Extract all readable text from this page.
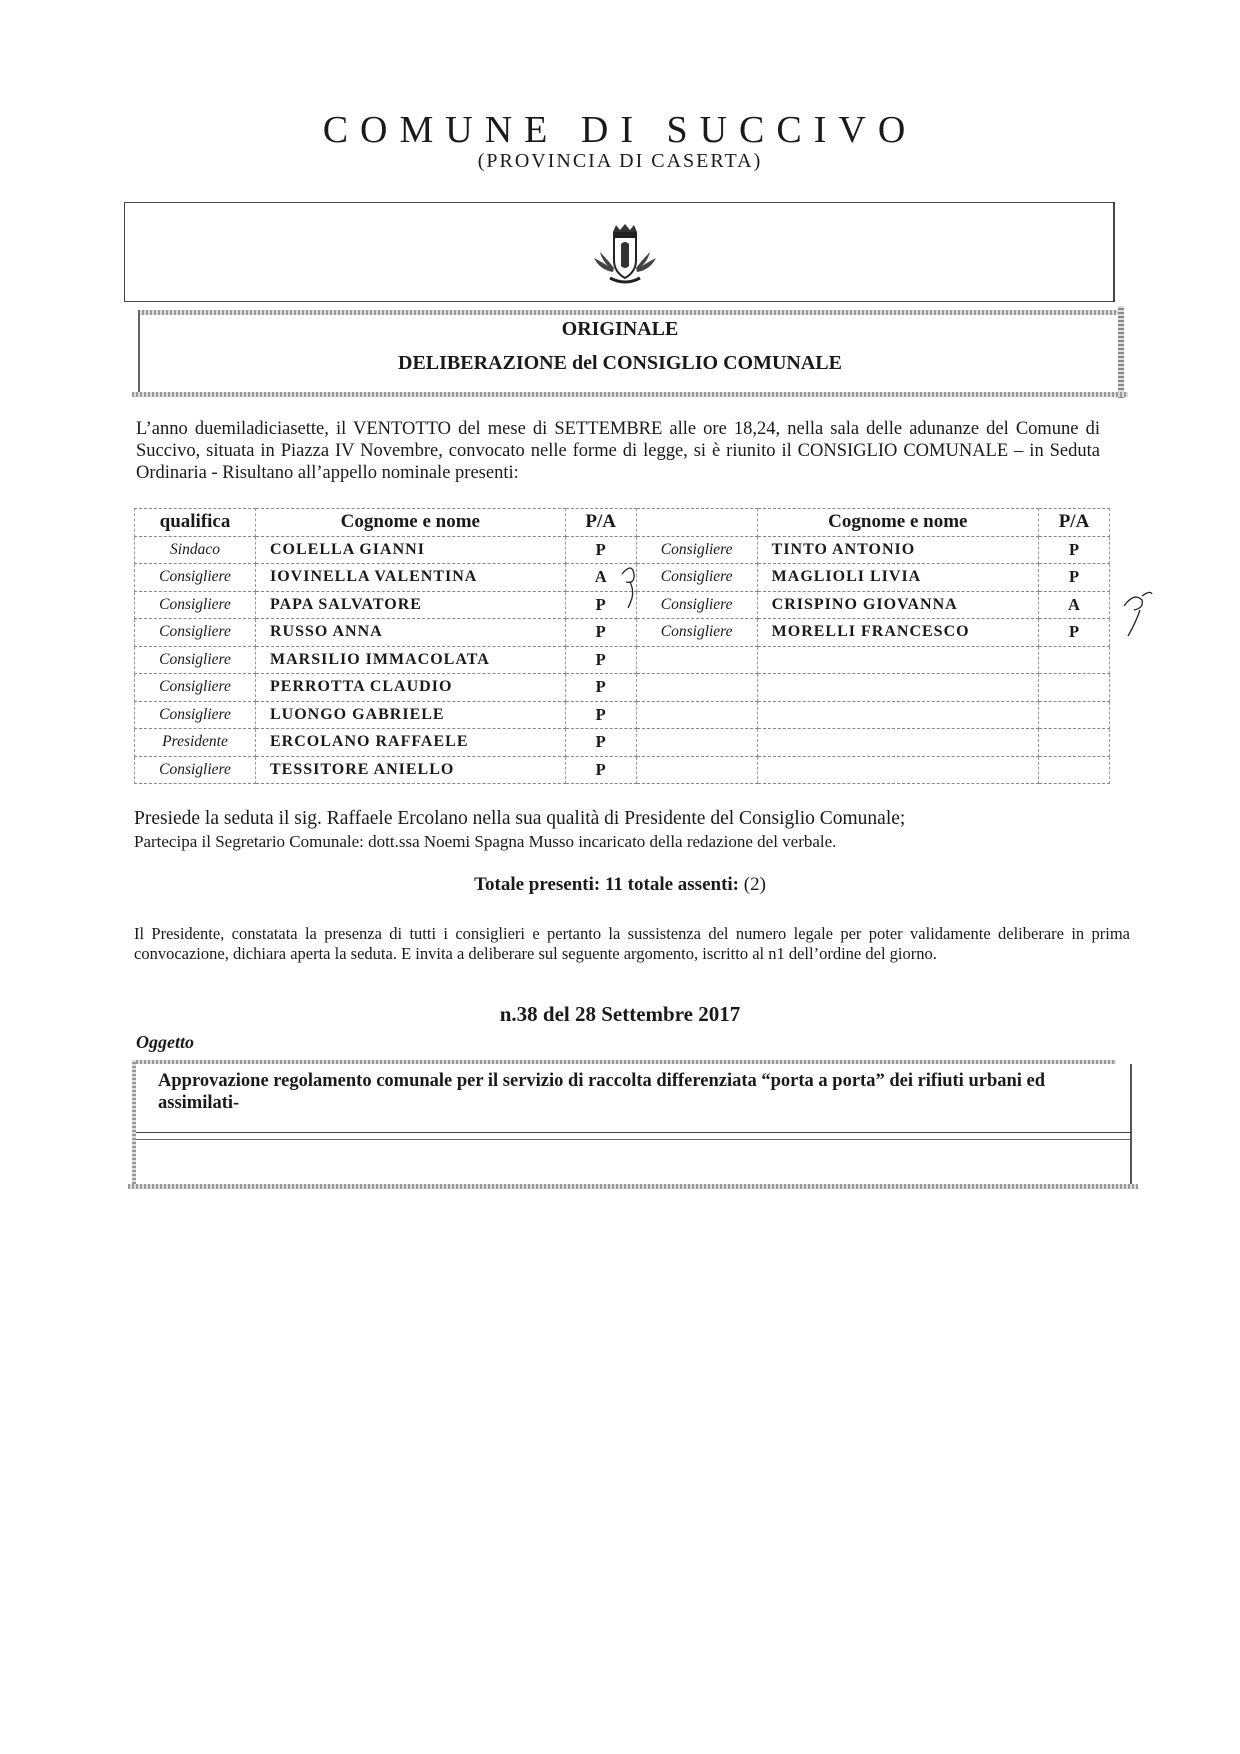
COMUNE DI SUCCIVO
(PROVINCIA DI CASERTA)
ORIGINALE
DELIBERAZIONE del CONSIGLIO COMUNALE
L’anno duemiladiciasette, il VENTOTTO del mese di SETTEMBRE alle ore 18,24, nella sala delle adunanze del Comune di Succivo, situata in Piazza IV Novembre, convocato nelle forme di legge, si è riunito il CONSIGLIO COMUNALE – in Seduta Ordinaria - Risultano all’appello nominale presenti:
qualifica	Cognome e nome	P/A		Cognome e nome	P/A
Sindaco	COLELLA GIANNI	P	Consigliere	TINTO ANTONIO	P
Consigliere	IOVINELLA VALENTINA	A	Consigliere	MAGLIOLI LIVIA	P
Consigliere	PAPA SALVATORE	P	Consigliere	CRISPINO GIOVANNA	A
Consigliere	RUSSO ANNA	P	Consigliere	MORELLI FRANCESCO	P
Consigliere	MARSILIO IMMACOLATA	P			
Consigliere	PERROTTA CLAUDIO	P			
Consigliere	LUONGO GABRIELE	P			
Presidente	ERCOLANO RAFFAELE	P			
Consigliere	TESSITORE ANIELLO	P			
Presiede la seduta il sig. Raffaele Ercolano nella sua qualità di Presidente del Consiglio Comunale;
Partecipa il Segretario Comunale: dott.ssa Noemi Spagna Musso incaricato della redazione del verbale.
Totale presenti: 11 totale assenti: (2)
Il Presidente, constatata la presenza di tutti i consiglieri e pertanto la sussistenza del numero legale per poter validamente deliberare in prima convocazione, dichiara aperta la seduta. E invita a deliberare sul seguente argomento, iscritto al n1 dell’ordine del giorno.
n.38 del 28 Settembre 2017
Oggetto
Approvazione regolamento comunale per il servizio di raccolta differenziata “porta a porta” dei rifiuti urbani ed assimilati-
